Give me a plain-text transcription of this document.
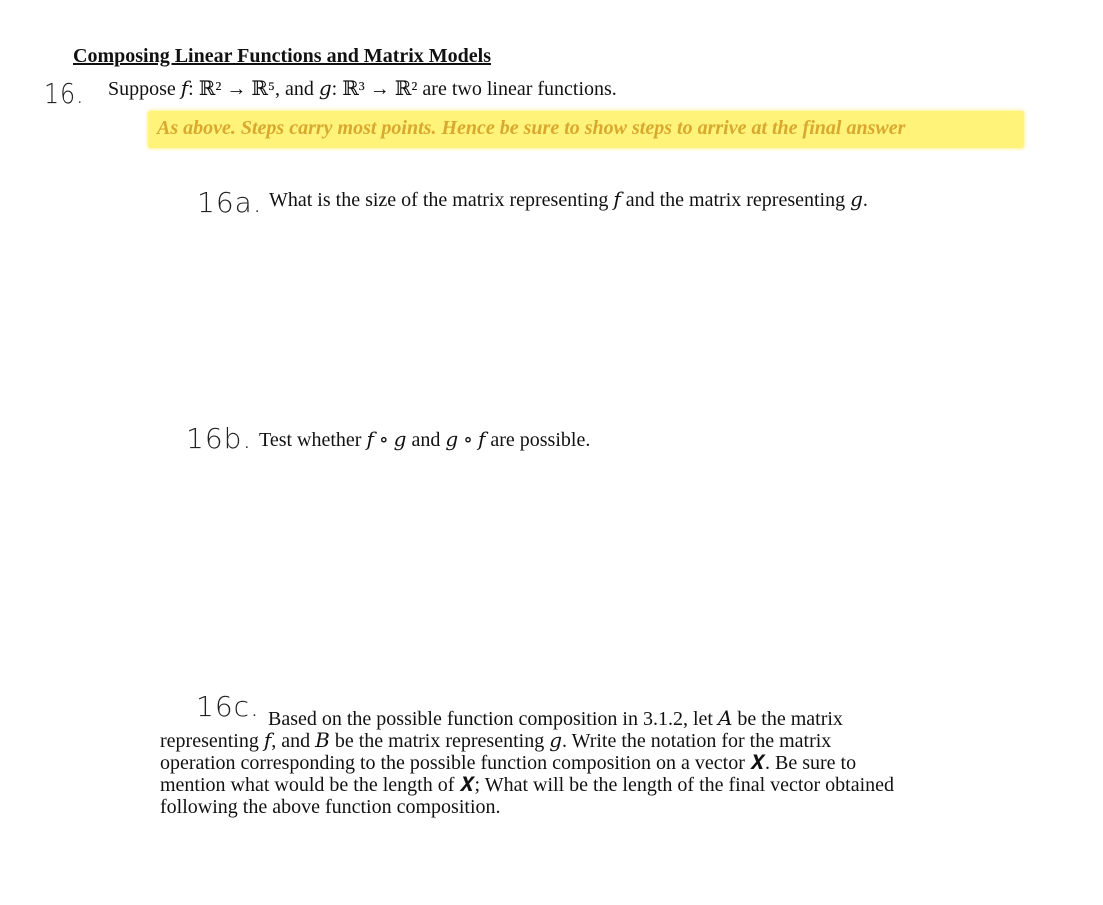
Composing Linear Functions and Matrix Models
16. Suppose 𝑓: ℝ² → ℝ⁵, and 𝑔: ℝ³ → ℝ² are two linear functions.
As above. Steps carry most points. Hence be sure to show steps to arrive at the final answer
16a. What is the size of the matrix representing 𝑓 and the matrix representing 𝑔.
16b. Test whether 𝑓 ∘ 𝑔 and 𝑔 ∘ 𝑓 are possible.
16c. Based on the possible function composition in 3.1.2, let 𝐴 be the matrix
representing 𝑓, and 𝐵 be the matrix representing 𝑔. Write the notation for the matrix
operation corresponding to the possible function composition on a vector 𝑿. Be sure to
mention what would be the length of 𝑿; What will be the length of the final vector obtained
following the above function composition.
